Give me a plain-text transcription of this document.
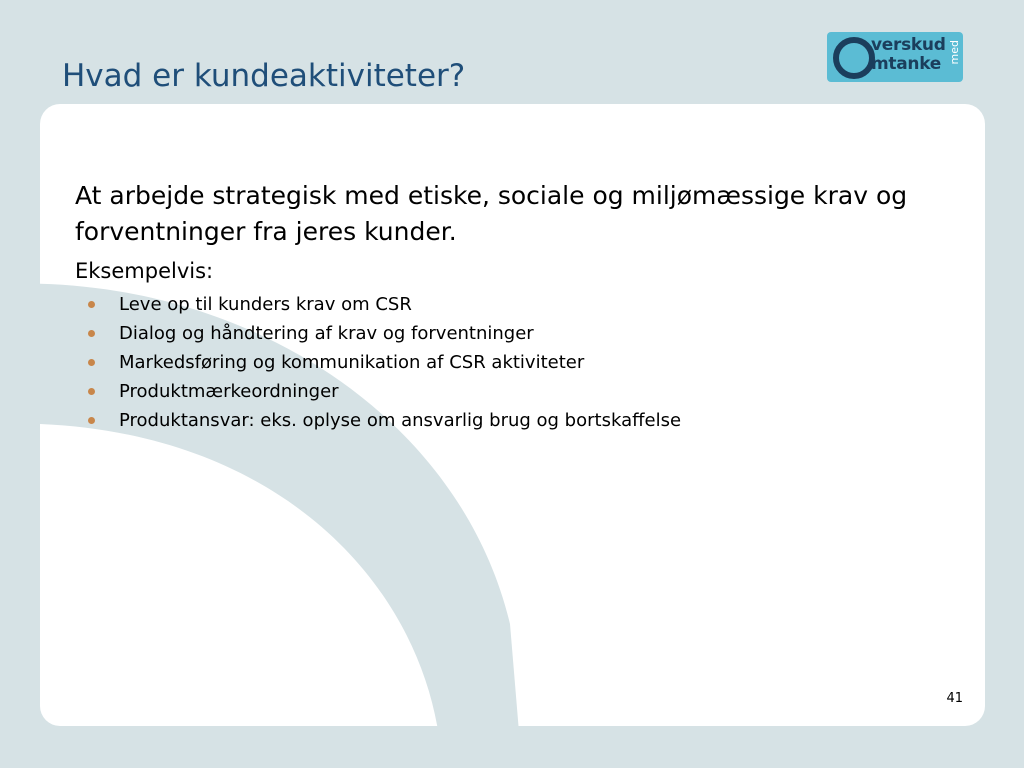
Hvad er kundeaktiviteter?
verskud
mtanke med

At arbejde strategisk med etiske, sociale og miljømæssige krav og forventninger fra jeres kunder.

Eksempelvis:

Leve op til kunders krav om CSR
Dialog og håndtering af krav og forventninger
Markedsføring og kommunikation af CSR aktiviteter
Produktmærkeordninger
Produktansvar: eks. oplyse om ansvarlig brug og bortskaffelse
41
